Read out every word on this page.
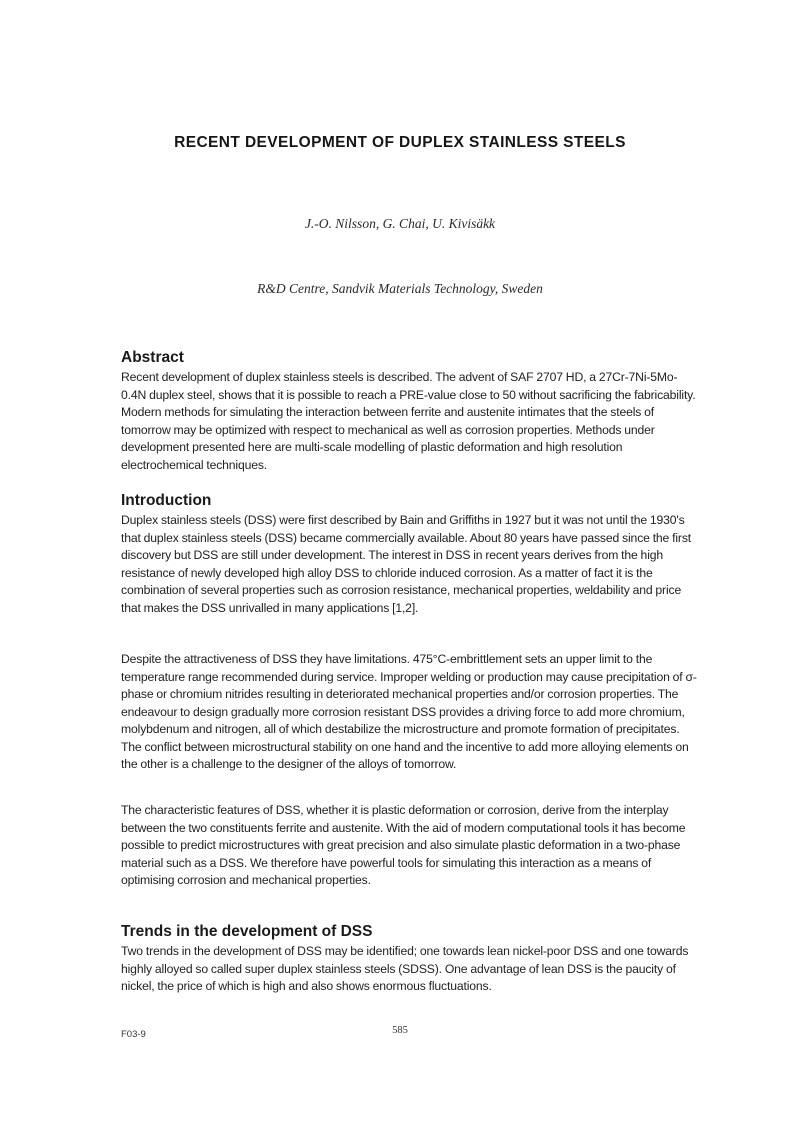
RECENT DEVELOPMENT OF DUPLEX STAINLESS STEELS
J.-O. Nilsson, G. Chai, U. Kivisäkk
R&D Centre, Sandvik Materials Technology, Sweden
Abstract

Recent development of duplex stainless steels is described. The advent of SAF 2707 HD, a 27Cr-7Ni-5Mo-0.4N duplex steel, shows that it is possible to reach a PRE-value close to 50 without sacrificing the fabricability. Modern methods for simulating the interaction between ferrite and austenite intimates that the steels of tomorrow may be optimized with respect to mechanical as well as corrosion properties. Methods under development presented here are multi-scale modelling of plastic deformation and high resolution electrochemical techniques.

Introduction

Duplex stainless steels (DSS) were first described by Bain and Griffiths in 1927 but it was not until the 1930's that duplex stainless steels (DSS) became commercially available. About 80 years have passed since the first discovery but DSS are still under development. The interest in DSS in recent years derives from the high resistance of newly developed high alloy DSS to chloride induced corrosion. As a matter of fact it is the combination of several properties such as corrosion resistance, mechanical properties, weldability and price that makes the DSS unrivalled in many applications [1,2].

Despite the attractiveness of DSS they have limitations. 475°C-embrittlement sets an upper limit to the temperature range recommended during service. Improper welding or production may cause precipitation of σ-phase or chromium nitrides resulting in deteriorated mechanical properties and/or corrosion properties. The endeavour to design gradually more corrosion resistant DSS provides a driving force to add more chromium, molybdenum and nitrogen, all of which destabilize the microstructure and promote formation of precipitates. The conflict between microstructural stability on one hand and the incentive to add more alloying elements on the other is a challenge to the designer of the alloys of tomorrow.

The characteristic features of DSS, whether it is plastic deformation or corrosion, derive from the interplay between the two constituents ferrite and austenite. With the aid of modern computational tools it has become possible to predict microstructures with great precision and also simulate plastic deformation in a two-phase material such as a DSS. We therefore have powerful tools for simulating this interaction as a means of optimising corrosion and mechanical properties.

Trends in the development of DSS

Two trends in the development of DSS may be identified; one towards lean nickel-poor DSS and one towards highly alloyed so called super duplex stainless steels (SDSS). One advantage of lean DSS is the paucity of nickel, the price of which is high and also shows enormous fluctuations.

F03-9	585
